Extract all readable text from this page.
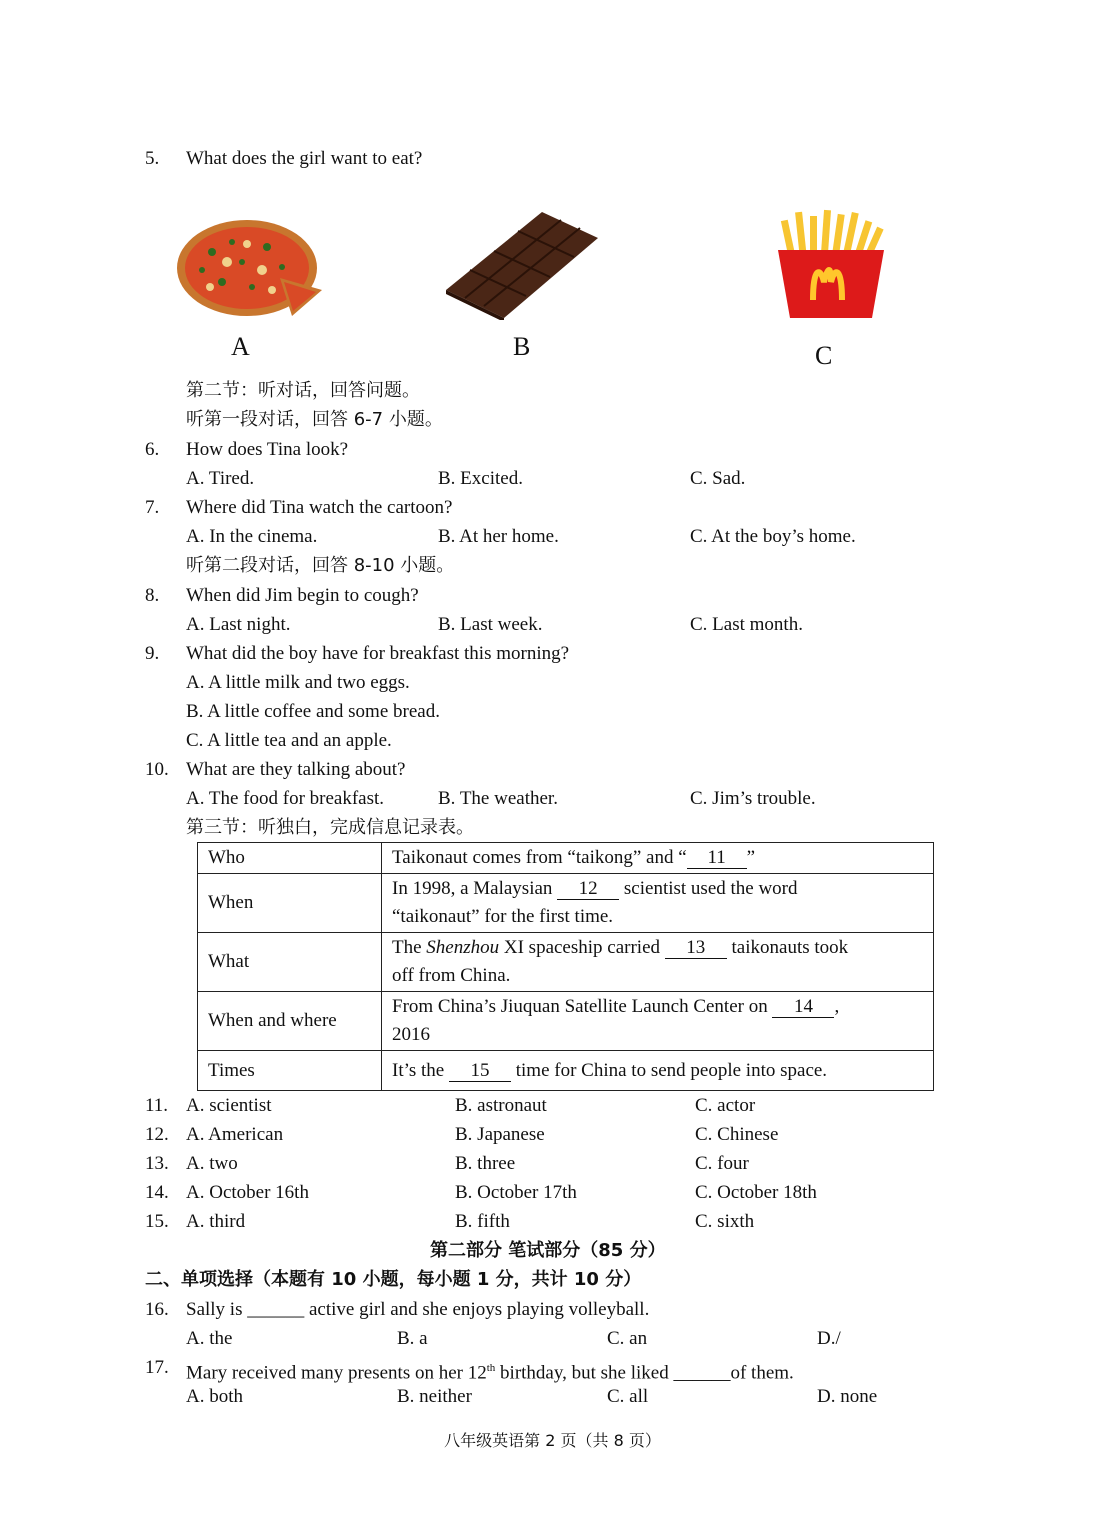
5. What does the girl want to eat?
A	B	C
第二节：听对话，回答问题。
听第一段对话，回答 6-7 小题。
6. How does Tina look?
A. Tired.	B. Excited.	C. Sad.
7. Where did Tina watch the cartoon?
A. In the cinema.	B. At her home.	C. At the boy’s home.
听第二段对话，回答 8-10 小题。
8. When did Jim begin to cough?
A. Last night.	B. Last week.	C. Last month.
9. What did the boy have for breakfast this morning?
A. A little milk and two eggs.
B. A little coffee and some bread.
C. A little tea and an apple.
10. What are they talking about?
A. The food for breakfast.	B. The weather.	C. Jim’s trouble.
第三节：听独白，完成信息记录表。
Who	Taikonaut comes from “taikong” and “ 11 ”
When	In 1998, a Malaysian 12 scientist used the word
“taikonaut” for the first time.
What	The Shenzhou XI spaceship carried 13 taikonauts took
off from China.
When and where	From China’s Jiuquan Satellite Launch Center on 14 ,
2016
Times	It’s the 15 time for China to send people into space.
11. A. scientist	B. astronaut	C. actor
12. A. American	B. Japanese	C. Chinese
13. A. two	B. three	C. four
14. A. October 16th	B. October 17th	C. October 18th
15. A. third	B. fifth	C. sixth
第二部分 笔试部分（85 分）
二、单项选择（本题有 10 小题，每小题 1 分，共计 10 分）
16. Sally is ______ active girl and she enjoys playing volleyball.
A. the	B. a	C. an	D./
17. Mary received many presents on her 12th birthday, but she liked ______of them.
A. both	B. neither	C. all	D. none
八年级英语第 2 页（共 8 页）
